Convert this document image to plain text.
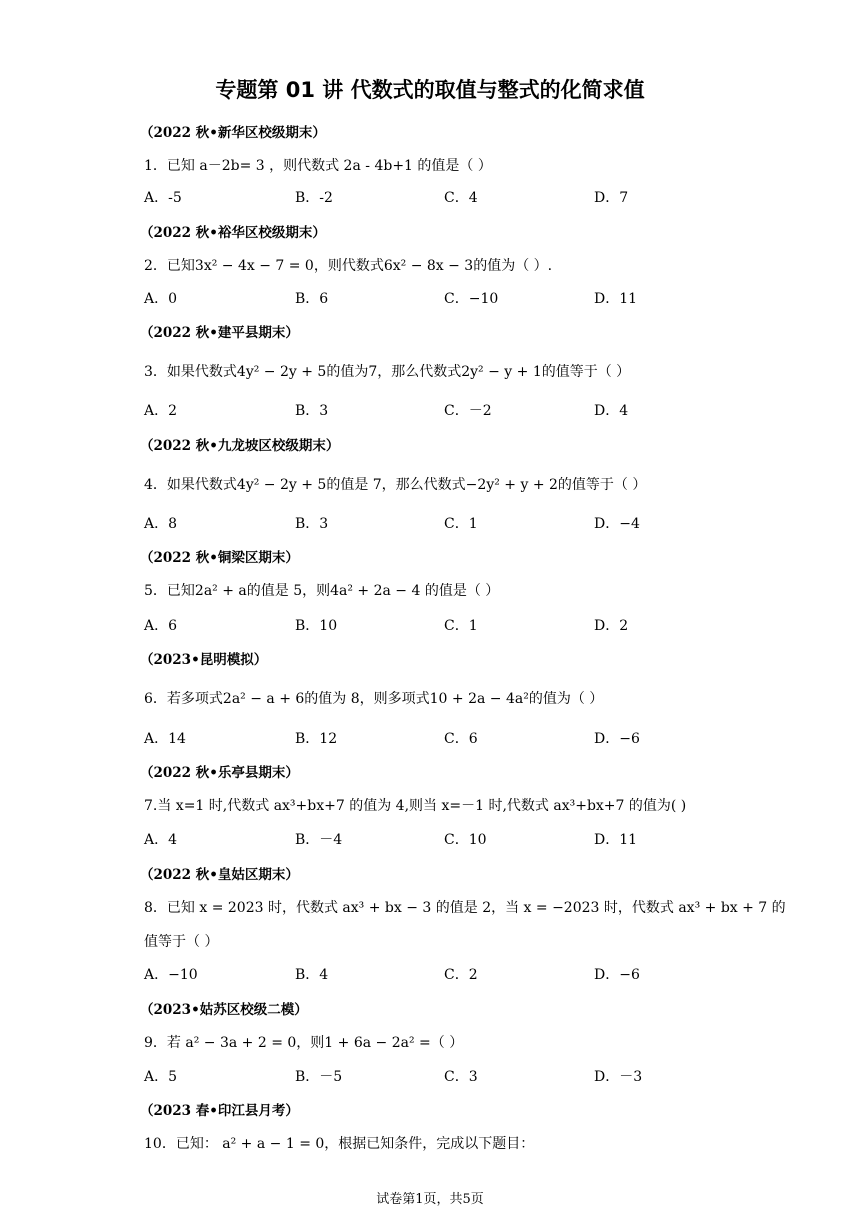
专题第 01 讲 代数式的取值与整式的化简求值
（2022 秋•新华区校级期末）
1．已知 a－2b= 3 ，则代数式 2a - 4b+1 的值是（ ）
A．-5	B．-2	C．4	D．7
（2022 秋•裕华区校级期末）
2．已知3x² − 4x − 7 = 0，则代数式6x² − 8x − 3的值为（ ）.
A．0	B．6	C．−10	D．11
（2022 秋•建平县期末）
3．如果代数式4y² − 2y + 5的值为7，那么代数式2y² − y + 1的值等于（ ）
A．2	B．3	C．－2	D．4
（2022 秋•九龙坡区校级期末）
4．如果代数式4y² − 2y + 5的值是 7，那么代数式−2y² + y + 2的值等于（ ）
A．8	B．3	C．1	D．−4
（2022 秋•铜梁区期末）
5．已知2a² + a的值是 5，则4a² + 2a − 4 的值是（ ）
A．6	B．10	C．1	D．2
（2023•昆明模拟）
6．若多项式2a² − a + 6的值为 8，则多项式10 + 2a − 4a²的值为（ ）
A．14	B．12	C．6	D．−6
（2022 秋•乐亭县期末）
7.当 x=1 时,代数式 ax³+bx+7 的值为 4,则当 x=－1 时,代数式 ax³+bx+7 的值为( )
A．4	B．－4	C．10	D．11
（2022 秋•皇姑区期末）
8．已知 x = 2023 时，代数式 ax³ + bx − 3 的值是 2，当 x = −2023 时，代数式 ax³ + bx + 7 的
值等于（ ）
A．−10	B．4	C．2	D．−6
（2023•姑苏区校级二模）
9．若 a² − 3a + 2 = 0，则1 + 6a − 2a² =（ ）
A．5	B．－5	C．3	D．－3
（2023 春•印江县月考）
10．已知： a² + a − 1 = 0，根据已知条件，完成以下题目：
试卷第1页，共5页
